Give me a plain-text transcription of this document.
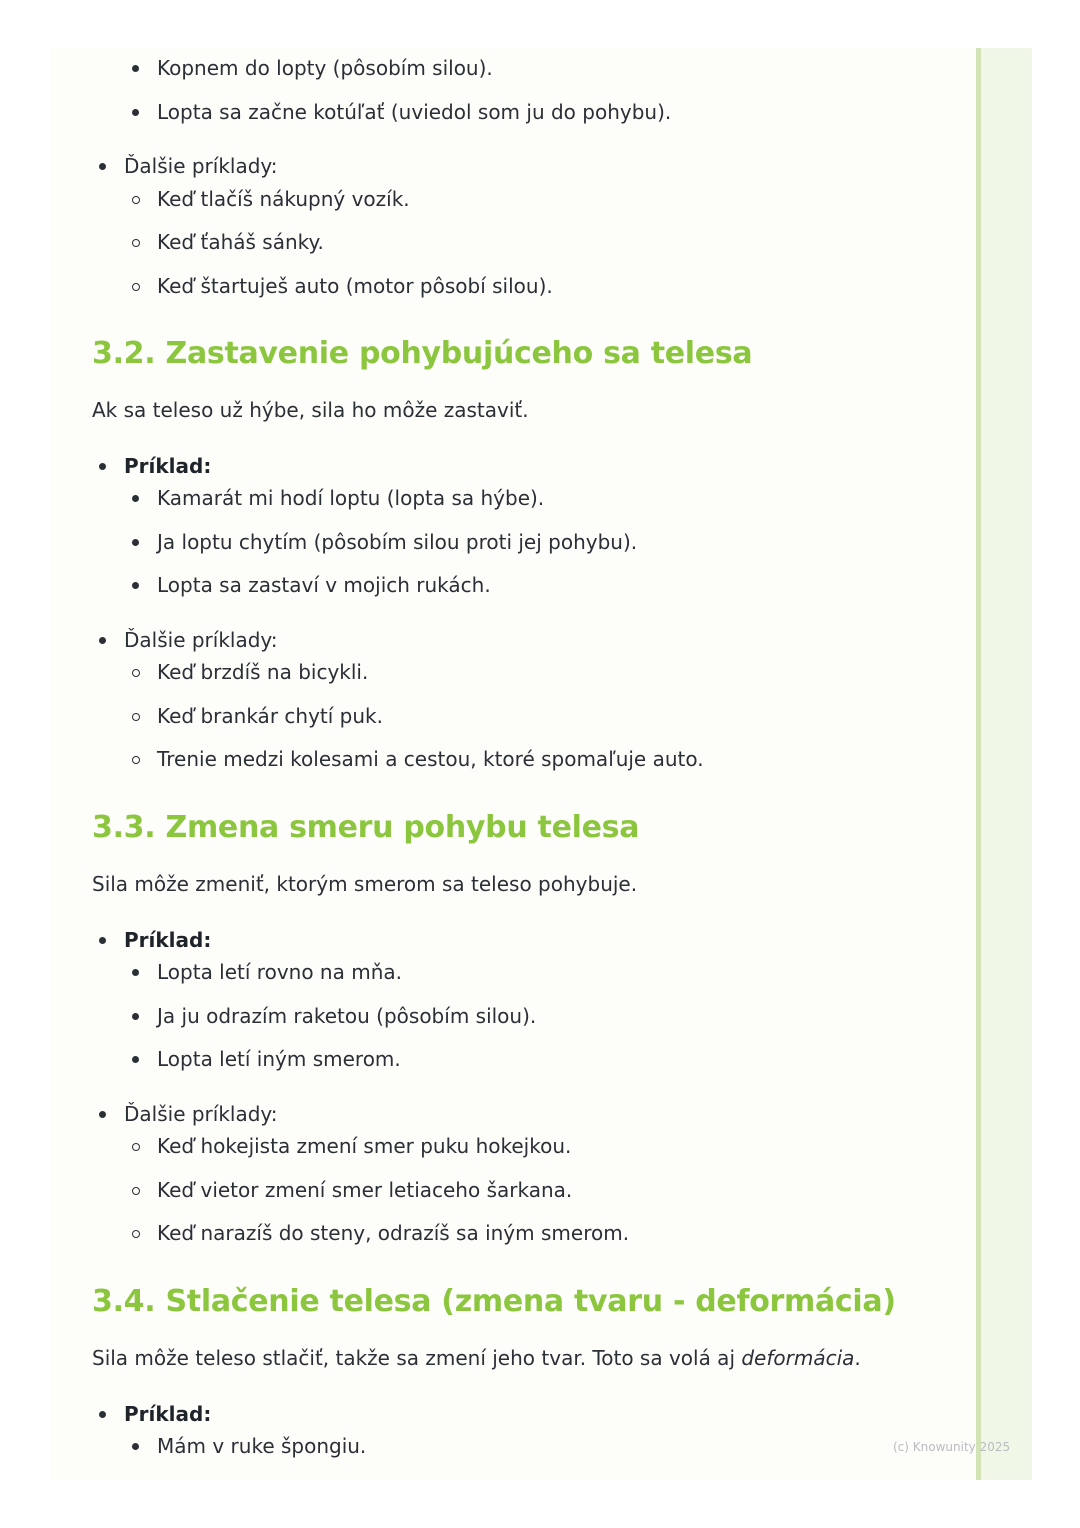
Kopnem do lopty (pôsobím silou).
Lopta sa začne kotúľať (uviedol som ju do pohybu).
Ďalšie príklady:
Keď tlačíš nákupný vozík.
Keď ťaháš sánky.
Keď štartuješ auto (motor pôsobí silou).
3.2. Zastavenie pohybujúceho sa telesa
Ak sa teleso už hýbe, sila ho môže zastaviť.
Príklad:
Kamarát mi hodí loptu (lopta sa hýbe).
Ja loptu chytím (pôsobím silou proti jej pohybu).
Lopta sa zastaví v mojich rukách.
Ďalšie príklady:
Keď brzdíš na bicykli.
Keď brankár chytí puk.
Trenie medzi kolesami a cestou, ktoré spomaľuje auto.
3.3. Zmena smeru pohybu telesa
Sila môže zmeniť, ktorým smerom sa teleso pohybuje.
Príklad:
Lopta letí rovno na mňa.
Ja ju odrazím raketou (pôsobím silou).
Lopta letí iným smerom.
Ďalšie príklady:
Keď hokejista zmení smer puku hokejkou.
Keď vietor zmení smer letiaceho šarkana.
Keď narazíš do steny, odrazíš sa iným smerom.
3.4. Stlačenie telesa (zmena tvaru - deformácia)
Sila môže teleso stlačiť, takže sa zmení jeho tvar. Toto sa volá aj deformácia.
Príklad:
Mám v ruke špongiu.	(c) Knowunity 2025
